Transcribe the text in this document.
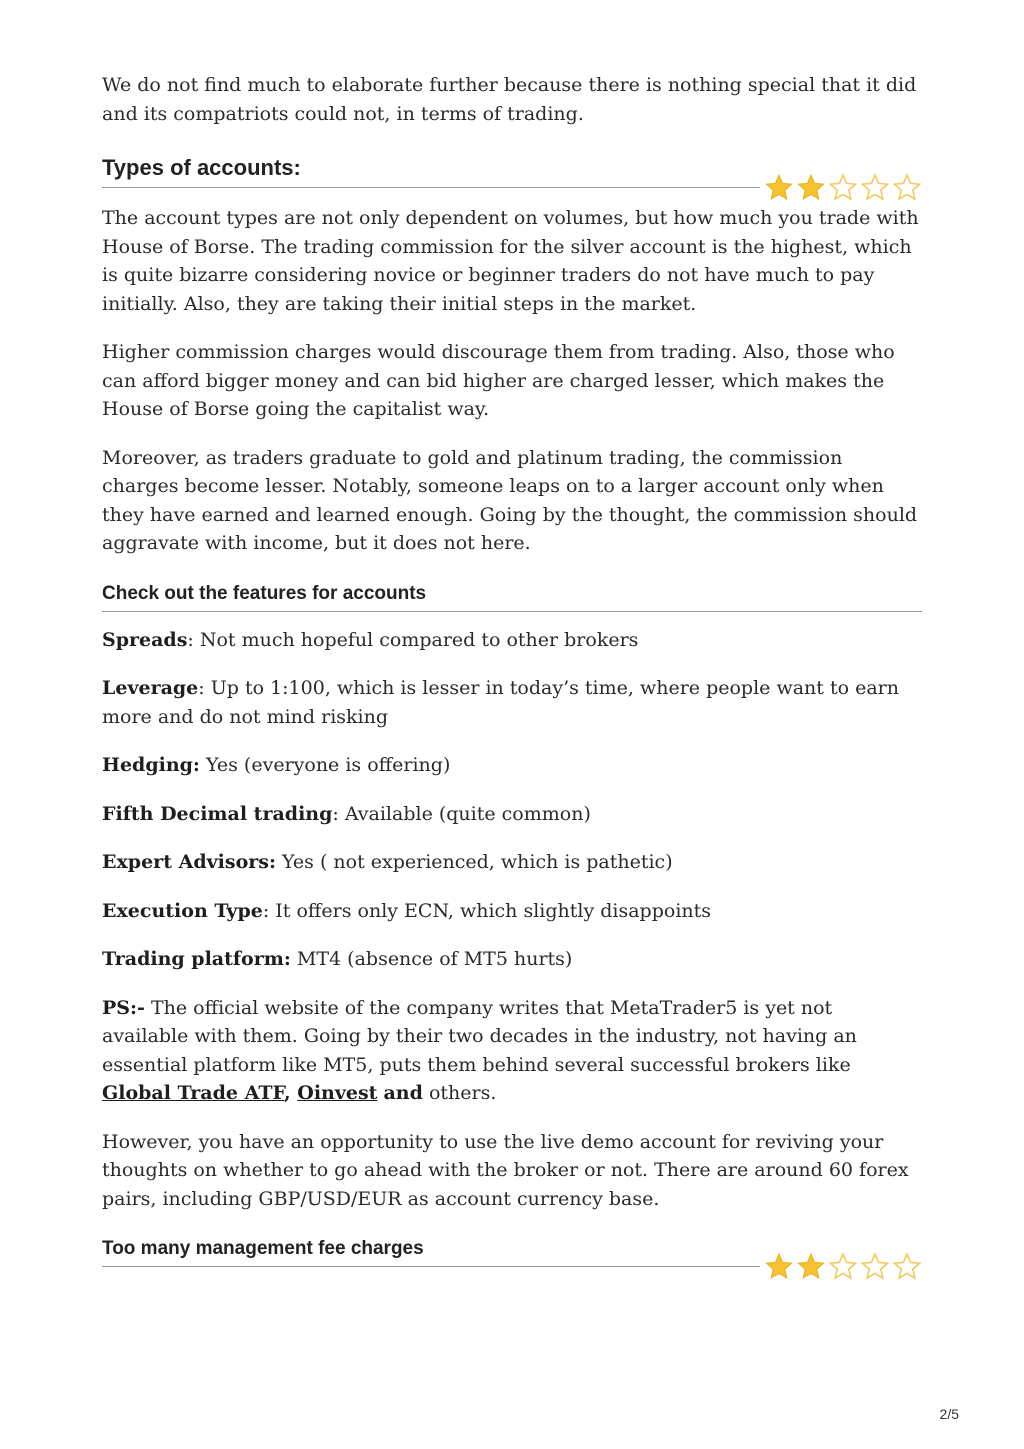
We do not find much to elaborate further because there is nothing special that it did and its compatriots could not, in terms of trading.

Types of accounts:

The account types are not only dependent on volumes, but how much you trade with House of Borse. The trading commission for the silver account is the highest, which is quite bizarre considering novice or beginner traders do not have much to pay initially. Also, they are taking their initial steps in the market.

Higher commission charges would discourage them from trading. Also, those who can afford bigger money and can bid higher are charged lesser, which makes the House of Borse going the capitalist way.

Moreover, as traders graduate to gold and platinum trading, the commission charges become lesser. Notably, someone leaps on to a larger account only when they have earned and learned enough. Going by the thought, the commission should aggravate with income, but it does not here.

Check out the features for accounts

Spreads: Not much hopeful compared to other brokers

Leverage: Up to 1:100, which is lesser in today’s time, where people want to earn more and do not mind risking

Hedging: Yes (everyone is offering)

Fifth Decimal trading: Available (quite common)

Expert Advisors: Yes ( not experienced, which is pathetic)

Execution Type: It offers only ECN, which slightly disappoints

Trading platform: MT4 (absence of MT5 hurts)

PS:- The official website of the company writes that MetaTrader5 is yet not available with them. Going by their two decades in the industry, not having an essential platform like MT5, puts them behind several successful brokers like Global Trade ATF, Oinvest and others.

However, you have an opportunity to use the live demo account for reviving your thoughts on whether to go ahead with the broker or not. There are around 60 forex pairs, including GBP/USD/EUR as account currency base.

Too many management fee charges
2/5
